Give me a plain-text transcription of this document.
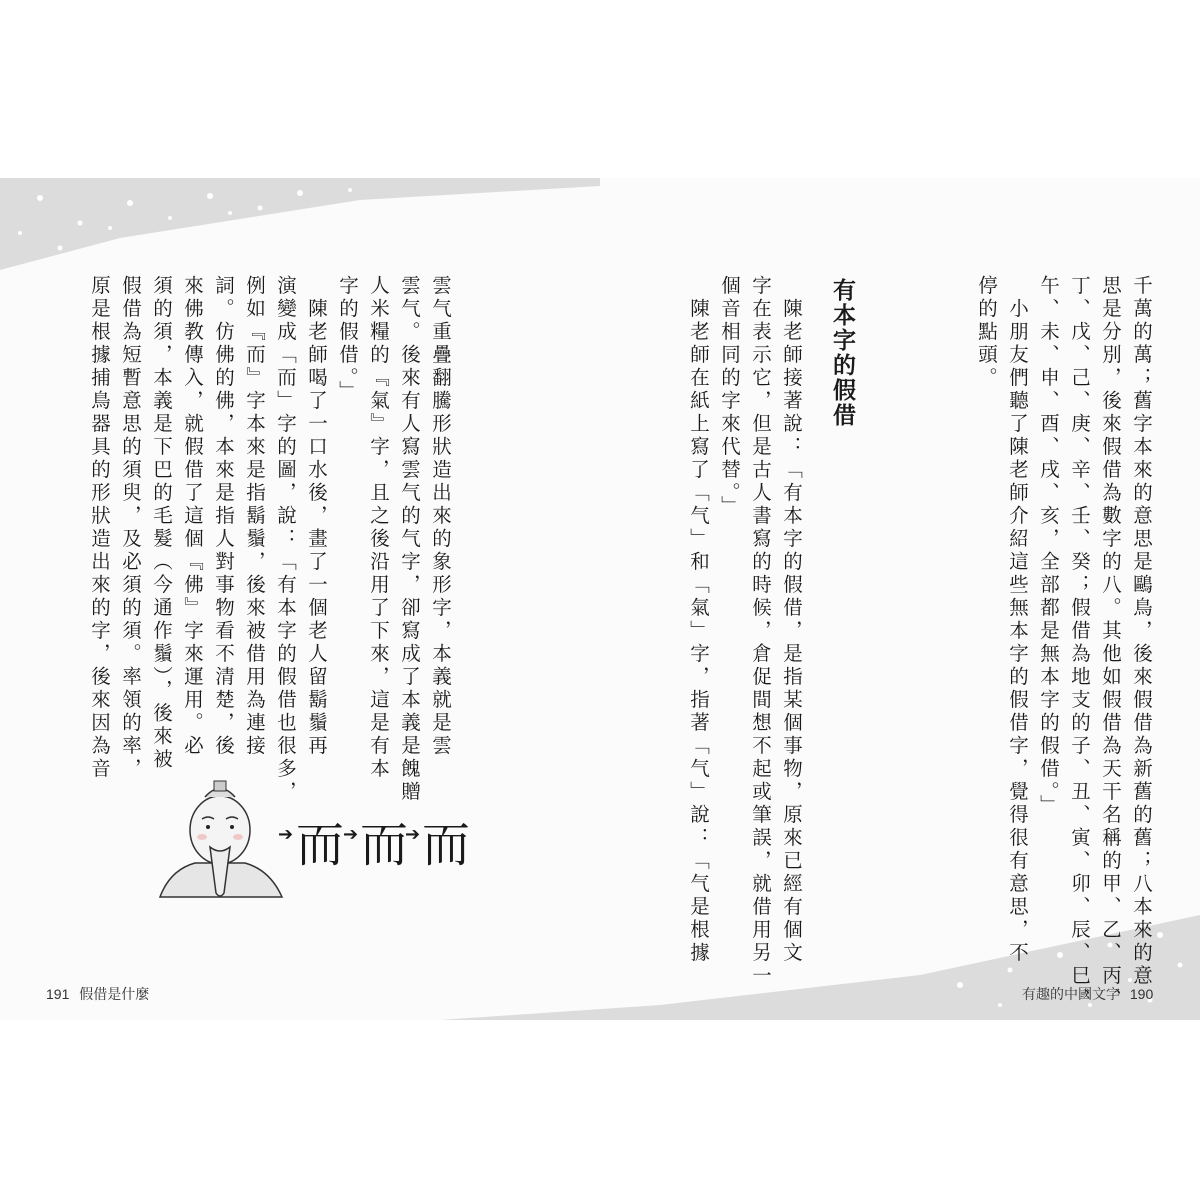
原是根據捕鳥器具的形狀造出來的字，後來因為音 假借為短暫意思的須臾，及必須的須。率領的率， 須的須，本義是下巴的毛髮（今通作鬚），後來被 來佛教傳入，就假借了這個『佛』字來運用。必 詞。仿佛的佛，本來是指人對事物看不清楚，後 例如『而』字本來是指鬍鬚，後來被借用為連接 演變成「而」字的圖，說：「有本字的假借也很多， 　陳老師喝了一口水後，畫了一個老人留鬍鬚再 字的假借。」 人米糧的『氣』字，且之後沿用了下來，這是有本 雲气。後來有人寫雲气的气字，卻寫成了本義是餽贈 雲气重疊翻騰形狀造出來的象形字，本義就是雲
➔ 而
➔ 而
➔ 而
191 假借是什麼
千萬的萬；舊字本來的意思是鷗鳥，後來假借為新舊的舊；八本來的意
思是分別，後來假借為數字的八。其他如假借為天干名稱的甲、乙、丙、
丁、戊、己、庚、辛、壬、癸；假借為地支的子、丑、寅、卯、辰、巳、
午、未、申、酉、戌、亥，全部都是無本字的假借。」
　小朋友們聽了陳老師介紹這些無本字的假借字，覺得很有意思，不
停的點頭。
有本字的假借
　陳老師接著說：「有本字的假借，是指某個事物，原來已經有個文
字在表示它，但是古人書寫的時候，倉促間想不起或筆誤，就借用另一
個音相同的字來代替。」
　陳老師在紙上寫了「气」和「氣」字，指著「气」說：「气是根據
有趣的中國文字 190
